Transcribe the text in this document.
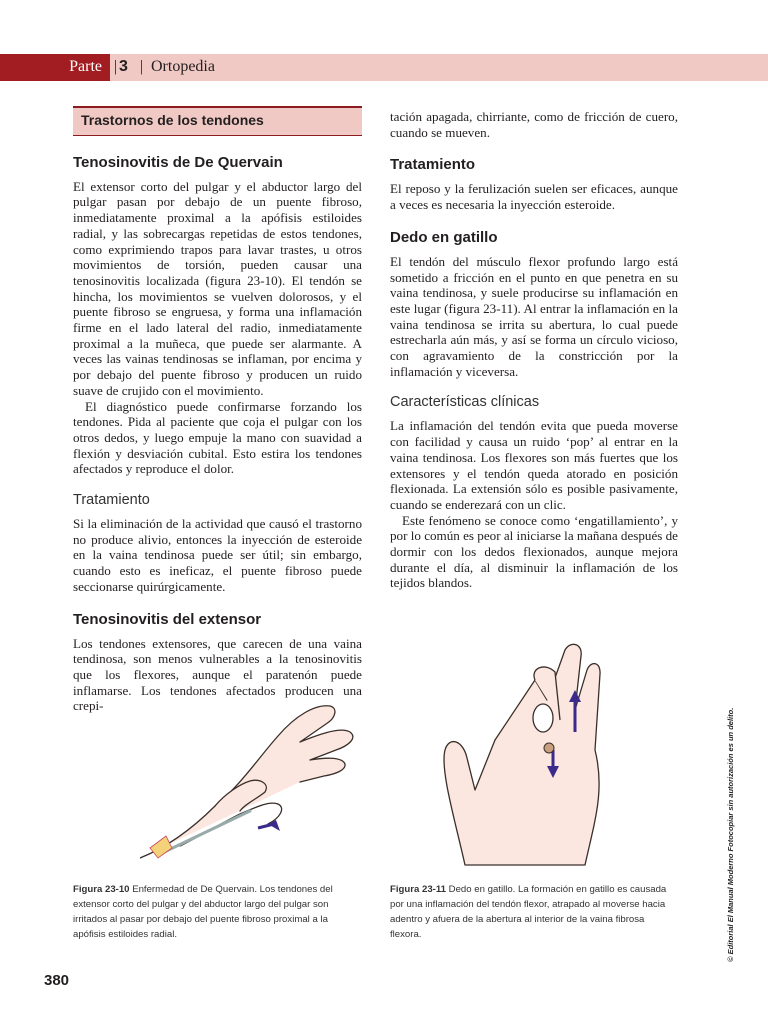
Parte | 3 | Ortopedia
Trastornos de los tendones
Tenosinovitis de De Quervain

El extensor corto del pulgar y el abductor largo del pulgar pasan por debajo de un puente fibroso, inmediatamente proximal a la apófisis estiloides radial, y las sobrecargas repetidas de estos tendones, como exprimiendo trapos para lavar trastes, u otros movimientos de torsión, pueden causar una tenosinovitis localizada (figura 23-10). El tendón se hincha, los movimientos se vuelven dolorosos, y el puente fibroso se engruesa, y forma una inflamación firme en el lado lateral del radio, inmediatamente proximal a la muñeca, que puede ser alarmante. A veces las vainas tendinosas se inflaman, por encima y por debajo del puente fibroso y producen un ruido suave de crujido con el movimiento.

El diagnóstico puede confirmarse forzando los tendones. Pida al paciente que coja el pulgar con los otros dedos, y luego empuje la mano con suavidad a flexión y desviación cubital. Esto estira los tendones afectados y reproduce el dolor.

Tratamiento

Si la eliminación de la actividad que causó el trastorno no produce alivio, entonces la inyección de esteroide en la vaina tendinosa puede ser útil; sin embargo, cuando esto es ineficaz, el puente fibroso puede seccionarse quirúrgicamente.

Tenosinovitis del extensor

Los tendones extensores, que carecen de una vaina tendinosa, son menos vulnerables a la tenosinovitis que los flexores, aunque el paratenón puede inflamarse. Los tendones afectados producen una crepi-

tación apagada, chirriante, como de fricción de cuero, cuando se mueven.

Tratamiento

El reposo y la ferulización suelen ser eficaces, aunque a veces es necesaria la inyección esteroide.

Dedo en gatillo

El tendón del músculo flexor profundo largo está sometido a fricción en el punto en que penetra en su vaina tendinosa, y suele producirse su inflamación en este lugar (figura 23-11). Al entrar la inflamación en la vaina tendinosa se irrita su abertura, lo cual puede estrecharla aún más, y así se forma un círculo vicioso, con agravamiento de la constricción por la inflamación y viceversa.

Características clínicas

La inflamación del tendón evita que pueda moverse con facilidad y causa un ruido ‘pop’ al entrar en la vaina tendinosa. Los flexores son más fuertes que los extensores y el tendón queda atorado en posición flexionada. La extensión sólo es posible pasivamente, cuando se enderezará con un clic.

Este fenómeno se conoce como ‘engatillamiento’, y por lo común es peor al iniciarse la mañana después de dormir con los dedos flexionados, aunque mejora durante el día, al disminuir la inflamación de los tejidos blandos.

Figura 23-10 Enfermedad de De Quervain. Los tendones del extensor corto del pulgar y del abductor largo del pulgar son irritados al pasar por debajo del puente fibroso proximal a la apófisis estiloides radial.
Figura 23-11 Dedo en gatillo. La formación en gatillo es causada por una inflamación del tendón flexor, atrapado al moverse hacia adentro y afuera de la abertura al interior de la vaina fibrosa flexora.
380
© Editorial El Manual Moderno Fotocopiar sin autorización es un delito.
